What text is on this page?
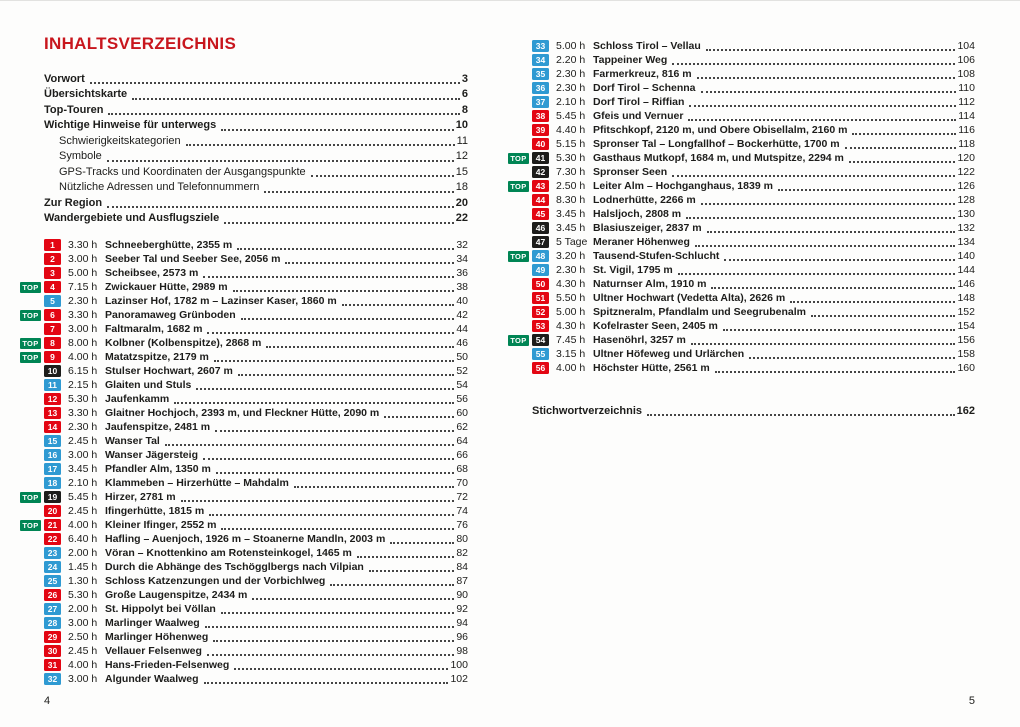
INHALTSVERZEICHNIS
Vorwort	3
Übersichtskarte	6
Top-Touren	8
Wichtige Hinweise für unterwegs	10
Schwierigkeitskategorien	11
Symbole	12
GPS-Tracks und Koordinaten der Ausgangspunkte	15
Nützliche Adressen und Telefonnummern	18
Zur Region	20
Wandergebiete und Ausflugsziele	22
1	3.30 h Schneeberghütte, 2355 m	32
2	3.00 h Seeber Tal und Seeber See, 2056 m	34
3	5.00 h Scheibsee, 2573 m	36
TOP	4	7.15 h Zwickauer Hütte, 2989 m	38
5	2.30 h Lazinser Hof, 1782 m – Lazinser Kaser, 1860 m	40
TOP	6	3.30 h Panoramaweg Grünboden	42
7	3.00 h Faltmaralm, 1682 m	44
TOP	8	8.00 h Kolbner (Kolbenspitze), 2868 m	46
TOP	9	4.00 h Matatzspitze, 2179 m	50
10	6.15 h Stulser Hochwart, 2607 m	52
11	2.15 h Glaiten und Stuls	54
12	5.30 h Jaufenkamm	56
13	3.30 h Glaitner Hochjoch, 2393 m, und Fleckner Hütte, 2090 m	60
14	2.30 h Jaufenspitze, 2481 m	62
15	2.45 h Wanser Tal	64
16	3.00 h Wanser Jägersteig	66
17	3.45 h Pfandler Alm, 1350 m	68
18	2.10 h Klammeben – Hirzerhütte – Mahdalm	70
TOP	19	5.45 h Hirzer, 2781 m	72
20	2.45 h Ifingerhütte, 1815 m	74
TOP	21	4.00 h Kleiner Ifinger, 2552 m	76
22	6.40 h Hafling – Auenjoch, 1926 m – Stoanerne Mandln, 2003 m	80
23	2.00 h Vöran – Knottenkino am Rotensteinkogel, 1465 m	82
24	1.45 h Durch die Abhänge des Tschögglbergs nach Vilpian	84
25	1.30 h Schloss Katzenzungen und der Vorbichlweg	87
26	5.30 h Große Laugenspitze, 2434 m	90
27	2.00 h St. Hippolyt bei Völlan	92
28	3.00 h Marlinger Waalweg	94
29	2.50 h Marlinger Höhenweg	96
30	2.45 h Vellauer Felsenweg	98
31	4.00 h Hans-Frieden-Felsenweg	100
32	3.00 h Algunder Waalweg	102
4
33	5.00 h Schloss Tirol – Vellau	104
34	2.20 h Tappeiner Weg	106
35	2.30 h Farmerkreuz, 816 m	108
36	2.30 h Dorf Tirol – Schenna	110
37	2.10 h Dorf Tirol – Riffian	112
38	5.45 h Gfeis und Vernuer	114
39	4.40 h Pfitschkopf, 2120 m, und Obere Obisellalm, 2160 m	116
40	5.15 h Spronser Tal – Longfallhof – Bockerhütte, 1700 m	118
TOP	41	5.30 h Gasthaus Mutkopf, 1684 m, und Mutspitze, 2294 m	120
42	7.30 h Spronser Seen	122
TOP	43	2.50 h Leiter Alm – Hochganghaus, 1839 m	126
44	8.30 h Lodnerhütte, 2266 m	128
45	3.45 h Halsljoch, 2808 m	130
46	3.45 h Blasiuszeiger, 2837 m	132
47	5 Tage Meraner Höhenweg	134
TOP	48	3.20 h Tausend-Stufen-Schlucht	140
49	2.30 h St. Vigil, 1795 m	144
50	4.30 h Naturnser Alm, 1910 m	146
51	5.50 h Ultner Hochwart (Vedetta Alta), 2626 m	148
52	5.00 h Spitzneralm, Pfandlalm und Seegrubenalm	152
53	4.30 h Kofelraster Seen, 2405 m	154
TOP	54	7.45 h Hasenöhrl, 3257 m	156
55	3.15 h Ultner Höfeweg und Urlärchen	158
56	4.00 h Höchster Hütte, 2561 m	160
Stichwortverzeichnis	162
5
